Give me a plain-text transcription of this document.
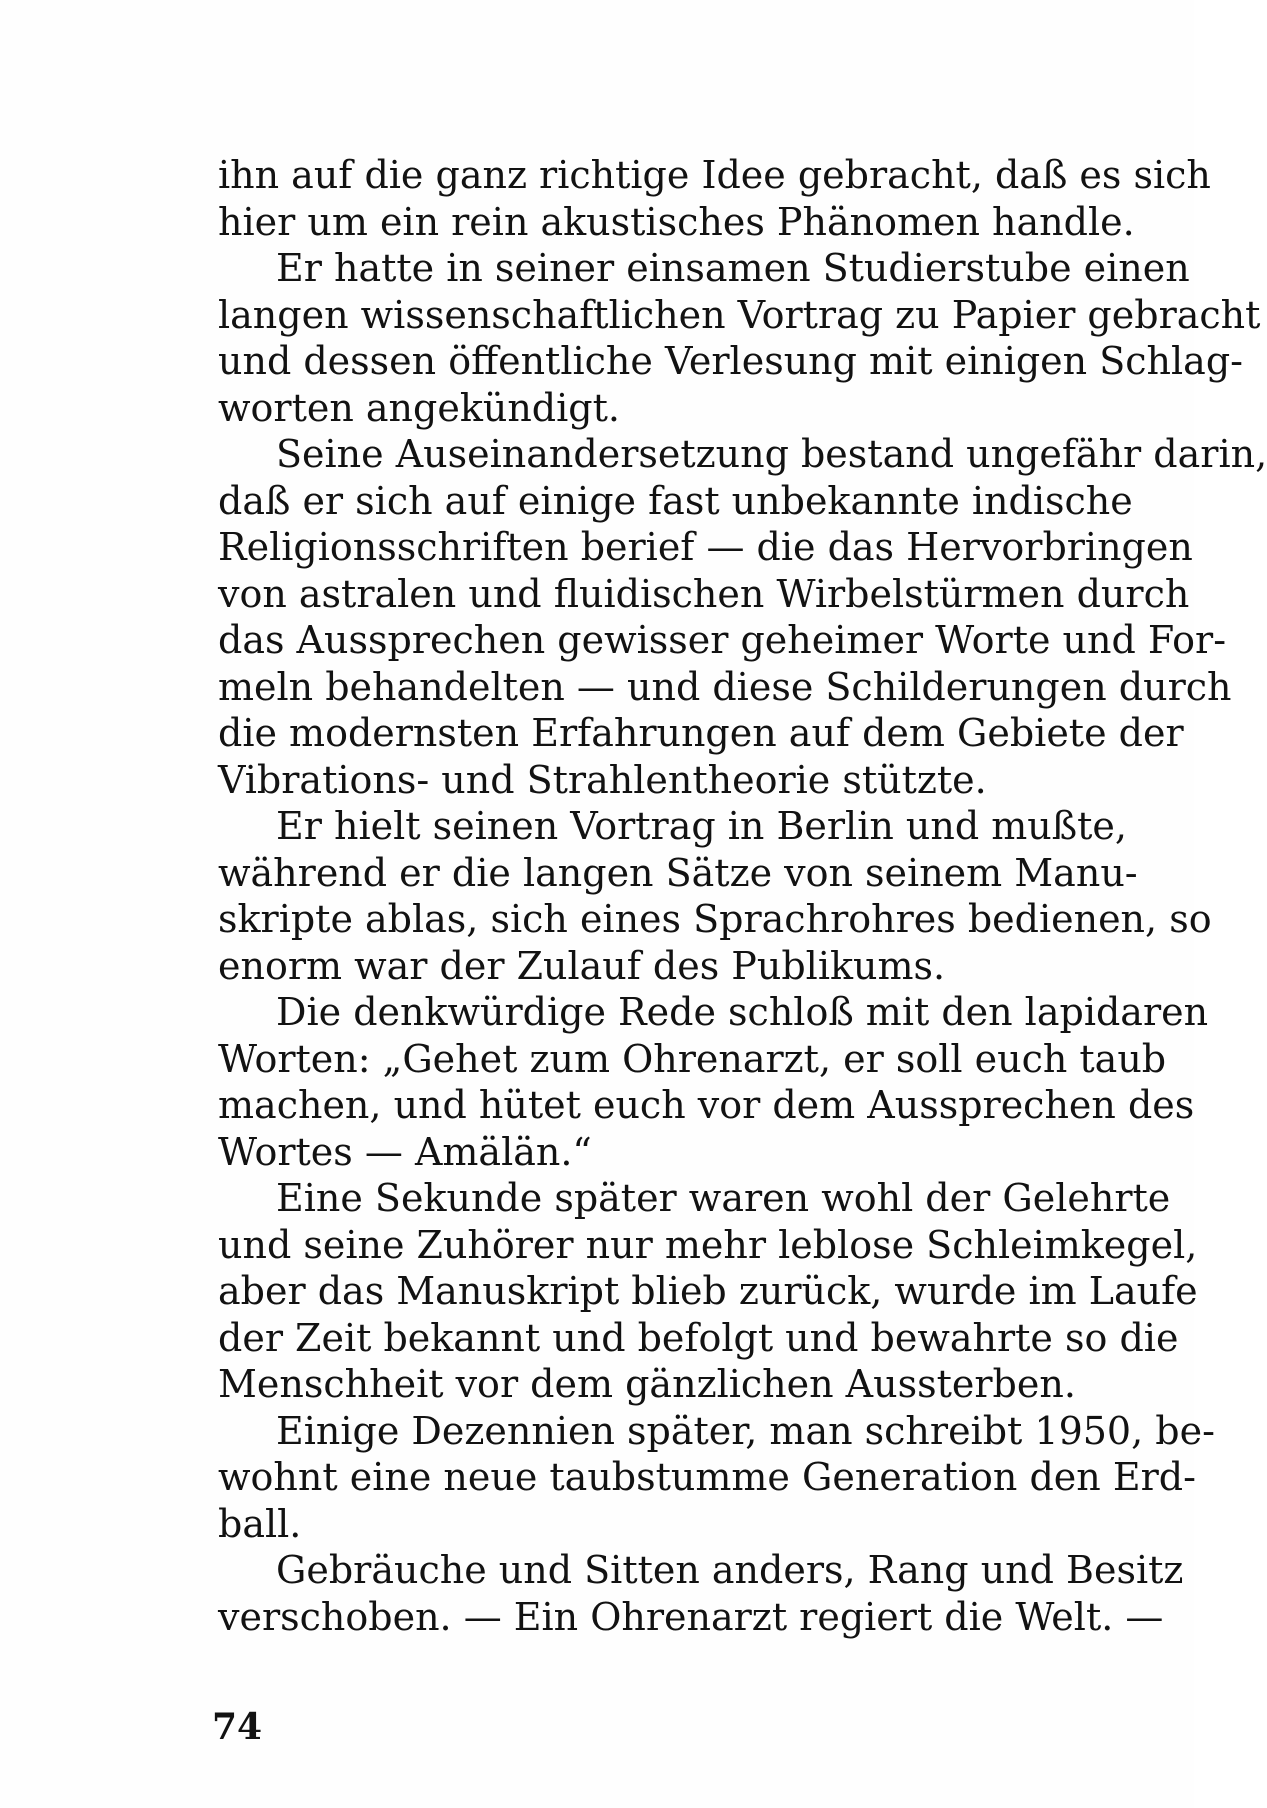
ihn auf die ganz richtige Idee gebracht, daß es sich
hier um ein rein akustisches Phänomen handle.
Er hatte in seiner einsamen Studierstube einen
langen wissenschaftlichen Vortrag zu Papier gebracht
und dessen öffentliche Verlesung mit einigen Schlag-
worten angekündigt.
Seine Auseinandersetzung bestand ungefähr darin,
daß er sich auf einige fast unbekannte indische
Religionsschriften berief — die das Hervorbringen
von astralen und fluidischen Wirbelstürmen durch
das Aussprechen gewisser geheimer Worte und For-
meln behandelten — und diese Schilderungen durch
die modernsten Erfahrungen auf dem Gebiete der
Vibrations- und Strahlentheorie stützte.
Er hielt seinen Vortrag in Berlin und mußte,
während er die langen Sätze von seinem Manu-
skripte ablas, sich eines Sprachrohres bedienen, so
enorm war der Zulauf des Publikums.
Die denkwürdige Rede schloß mit den lapidaren
Worten: „Gehet zum Ohrenarzt, er soll euch taub
machen, und hütet euch vor dem Aussprechen des
Wortes — Amälän.“
Eine Sekunde später waren wohl der Gelehrte
und seine Zuhörer nur mehr leblose Schleimkegel,
aber das Manuskript blieb zurück, wurde im Laufe
der Zeit bekannt und befolgt und bewahrte so die
Menschheit vor dem gänzlichen Aussterben.
Einige Dezennien später, man schreibt 1950, be-
wohnt eine neue taubstumme Generation den Erd-
ball.
Gebräuche und Sitten anders, Rang und Besitz
verschoben. — Ein Ohrenarzt regiert die Welt. —
74
